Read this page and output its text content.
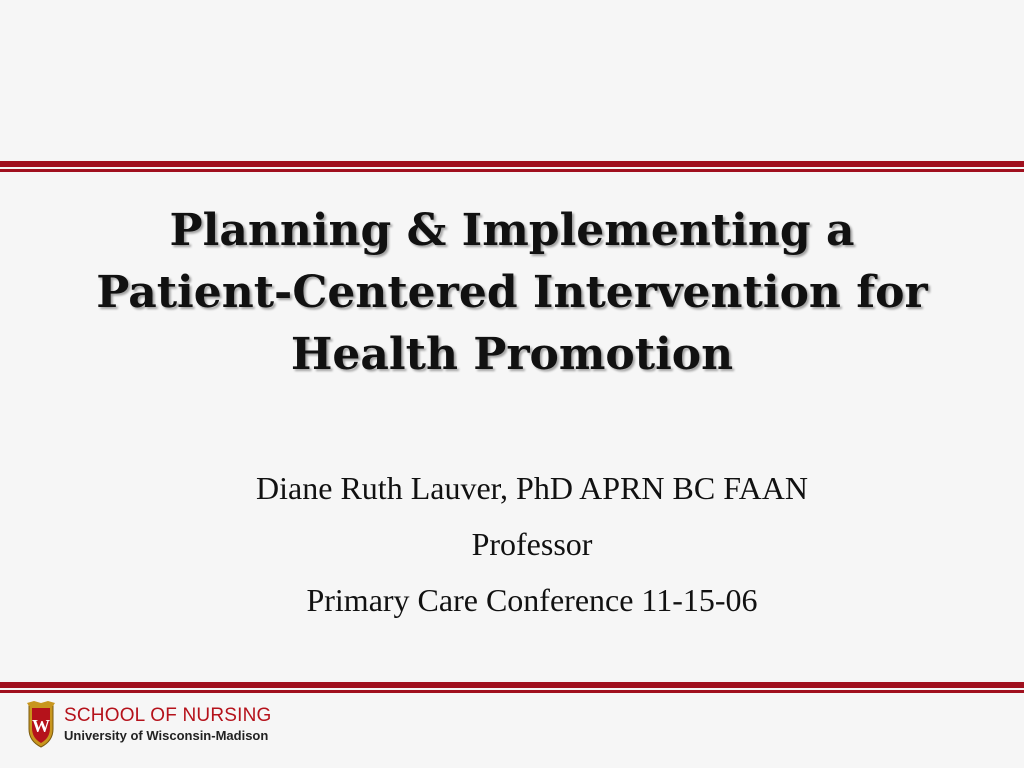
Planning & Implementing a
Patient-Centered Intervention for
Health Promotion
Diane Ruth Lauver, PhD APRN BC FAAN
Professor
Primary Care Conference 11-15-06
W SCHOOL OF NURSING
University of Wisconsin-Madison
